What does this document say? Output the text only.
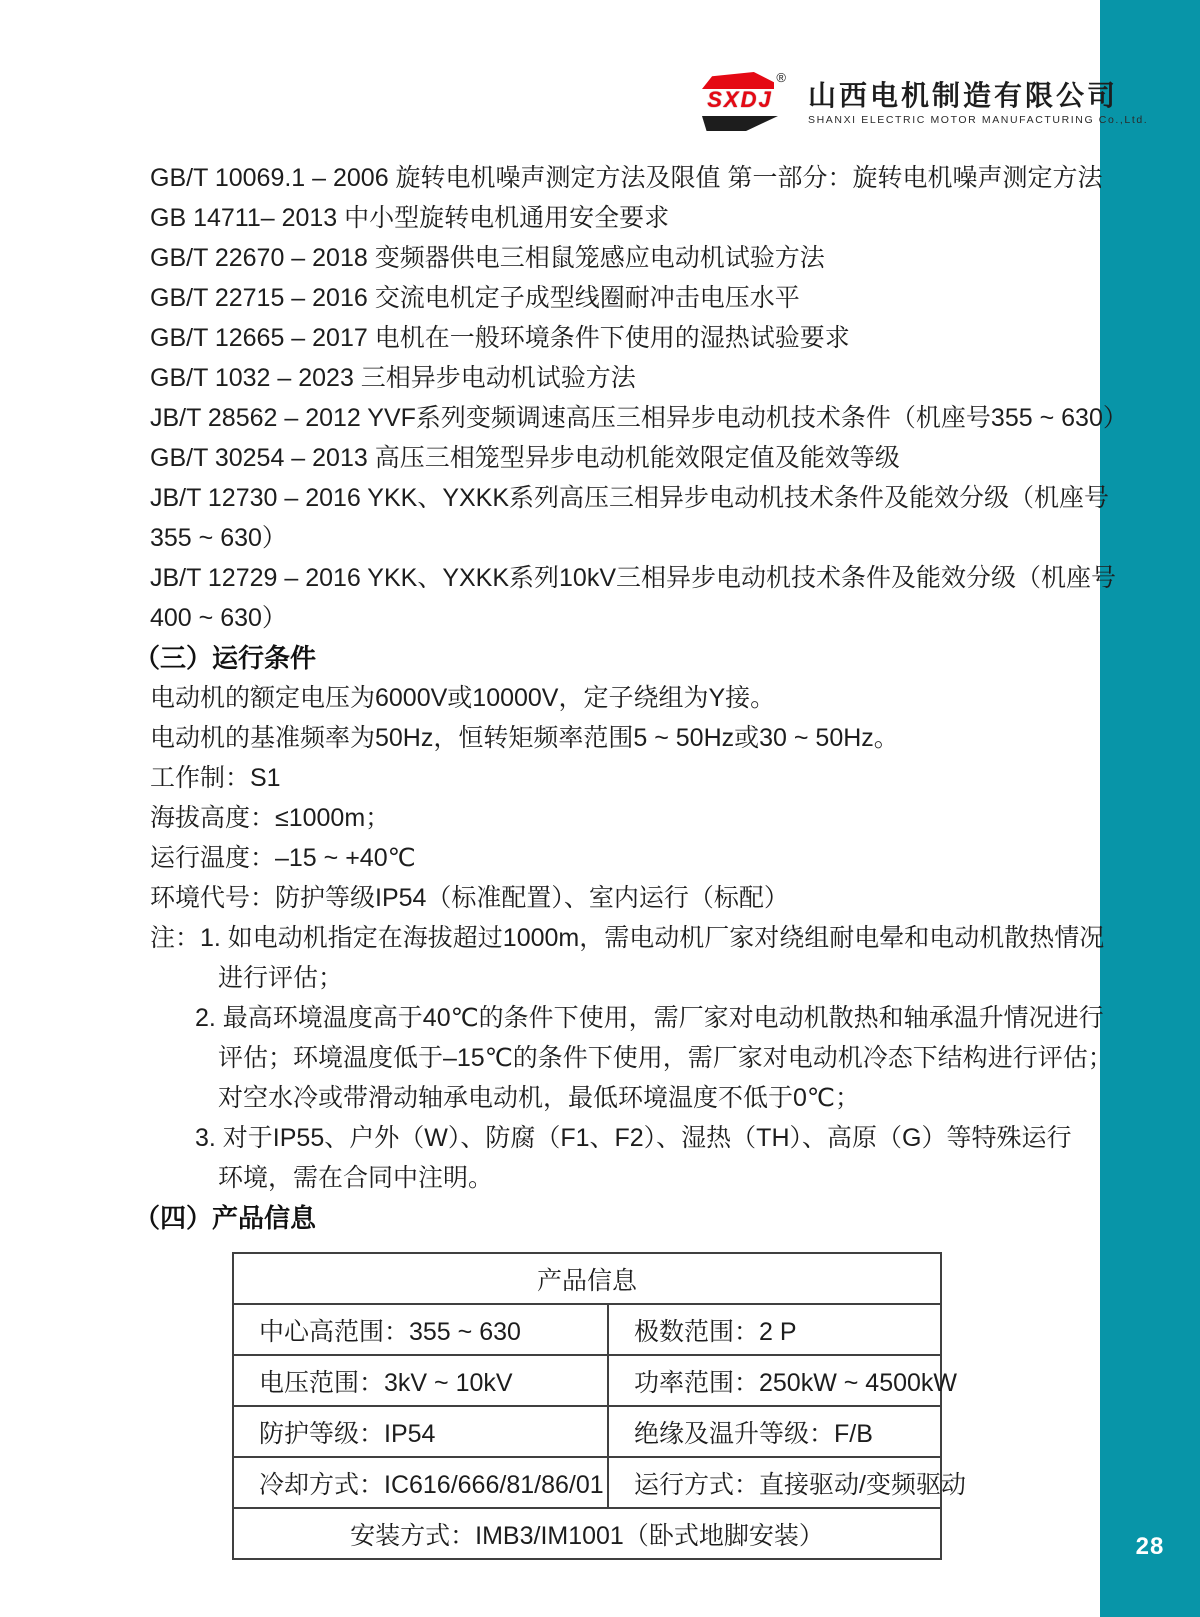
28
SXDJ
®
山西电机制造有限公司
SHANXI ELECTRIC MOTOR MANUFACTURING Co.,Ltd.
GB/T 10069.1 – 2006 旋转电机噪声测定方法及限值 第一部分：旋转电机噪声测定方法
GB 14711– 2013 中小型旋转电机通用安全要求
GB/T 22670 – 2018 变频器供电三相鼠笼感应电动机试验方法
GB/T 22715 – 2016 交流电机定子成型线圈耐冲击电压水平
GB/T 12665 – 2017 电机在一般环境条件下使用的湿热试验要求
GB/T 1032 – 2023 三相异步电动机试验方法
JB/T 28562 – 2012 YVF系列变频调速高压三相异步电动机技术条件（机座号355 ~ 630）
GB/T 30254 – 2013 高压三相笼型异步电动机能效限定值及能效等级
JB/T 12730 – 2016 YKK、YXKK系列高压三相异步电动机技术条件及能效分级（机座号
355 ~ 630）
JB/T 12729 – 2016 YKK、YXKK系列10kV三相异步电动机技术条件及能效分级（机座号
400 ~ 630）
（三）运行条件
电动机的额定电压为6000V或10000V，定子绕组为Y接。
电动机的基准频率为50Hz，恒转矩频率范围5 ~ 50Hz或30 ~ 50Hz。
工作制：S1
海拔高度：≤1000m；
运行温度：–15 ~ +40℃
环境代号：防护等级IP54（标准配置）、室内运行（标配）
注：1. 如电动机指定在海拔超过1000m，需电动机厂家对绕组耐电晕和电动机散热情况
进行评估；
2. 最高环境温度高于40℃的条件下使用，需厂家对电动机散热和轴承温升情况进行
评估；环境温度低于–15℃的条件下使用，需厂家对电动机冷态下结构进行评估；
对空水冷或带滑动轴承电动机，最低环境温度不低于0℃；
3. 对于IP55、户外（W）、防腐（F1、F2）、湿热（TH）、高原（G）等特殊运行
环境，需在合同中注明。
（四）产品信息
产品信息	
中心高范围：355 ~ 630	极数范围：2 P
电压范围：3kV ~ 10kV	功率范围：250kW ~ 4500kW
防护等级：IP54	绝缘及温升等级：F/B
冷却方式：IC616/666/81/86/01	运行方式：直接驱动/变频驱动
安装方式：IMB3/IM1001（卧式地脚安装）	
